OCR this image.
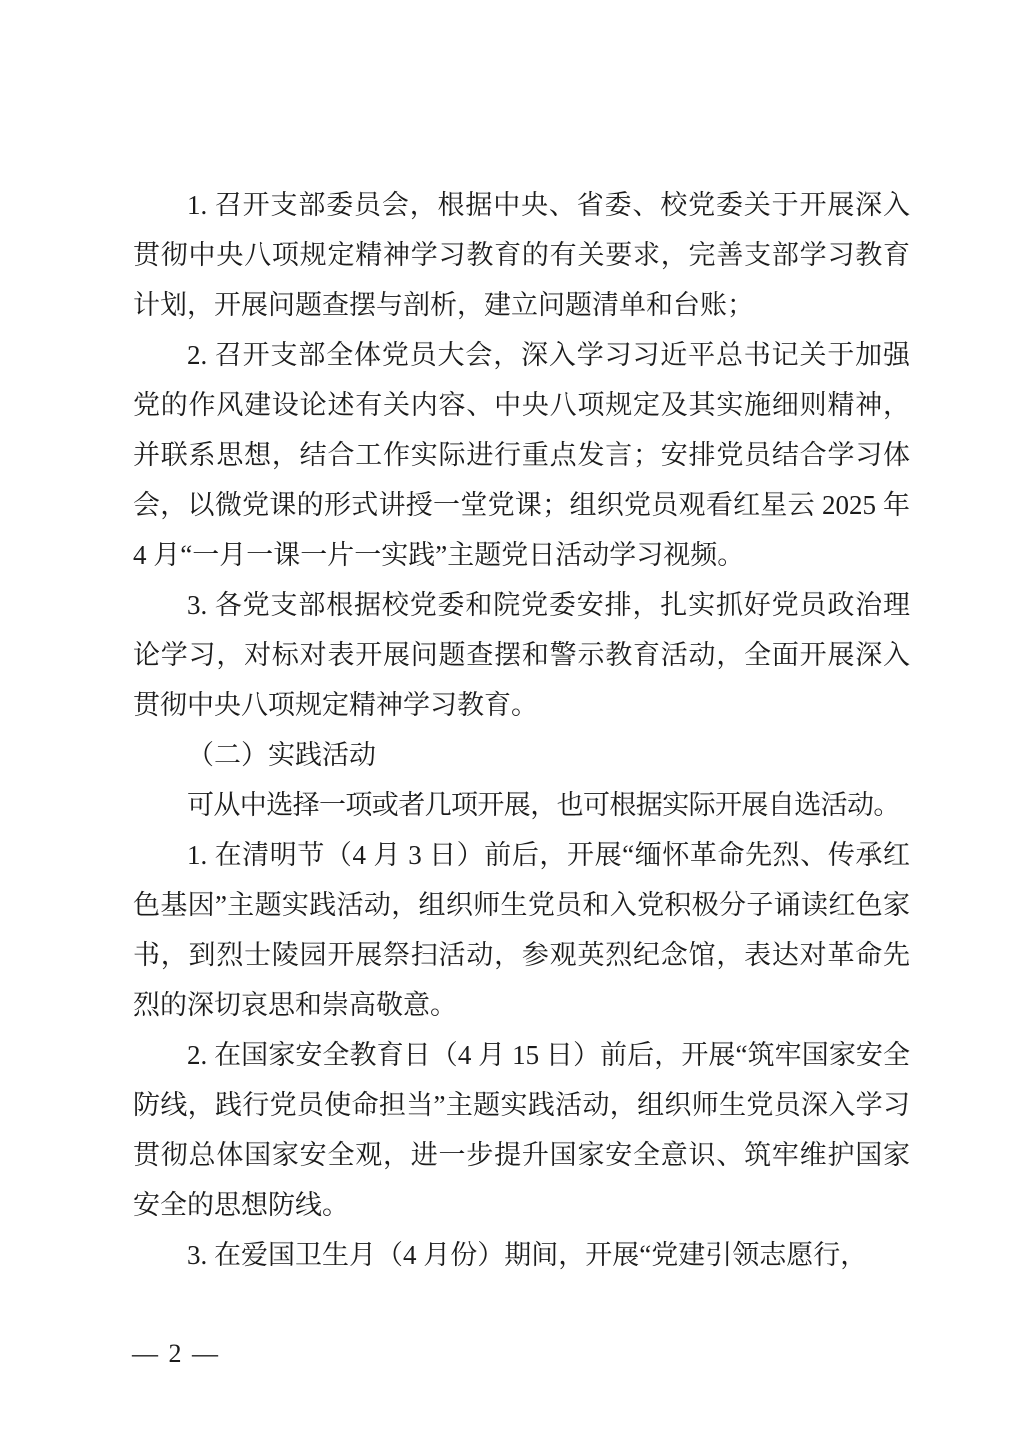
1. 召开支部委员会，根据中央、省委、校党委关于开展深入贯彻中央八项规定精神学习教育的有关要求，完善支部学习教育计划，开展问题查摆与剖析，建立问题清单和台账；

2. 召开支部全体党员大会，深入学习习近平总书记关于加强党的作风建设论述有关内容、中央八项规定及其实施细则精神，并联系思想，结合工作实际进行重点发言；安排党员结合学习体会，以微党课的形式讲授一堂党课；组织党员观看红星云 2025 年 4 月“一月一课一片一实践”主题党日活动学习视频。

3. 各党支部根据校党委和院党委安排，扎实抓好党员政治理论学习，对标对表开展问题查摆和警示教育活动，全面开展深入贯彻中央八项规定精神学习教育。

（二）实践活动

可从中选择一项或者几项开展，也可根据实际开展自选活动。

1. 在清明节（4 月 3 日）前后，开展“缅怀革命先烈、传承红色基因”主题实践活动，组织师生党员和入党积极分子诵读红色家书，到烈士陵园开展祭扫活动，参观英烈纪念馆，表达对革命先烈的深切哀思和崇高敬意。

2. 在国家安全教育日（4 月 15 日）前后，开展“筑牢国家安全防线，践行党员使命担当”主题实践活动，组织师生党员深入学习贯彻总体国家安全观，进一步提升国家安全意识、筑牢维护国家安全的思想防线。

3. 在爱国卫生月（4 月份）期间，开展“党建引领志愿行，

— 2 —
